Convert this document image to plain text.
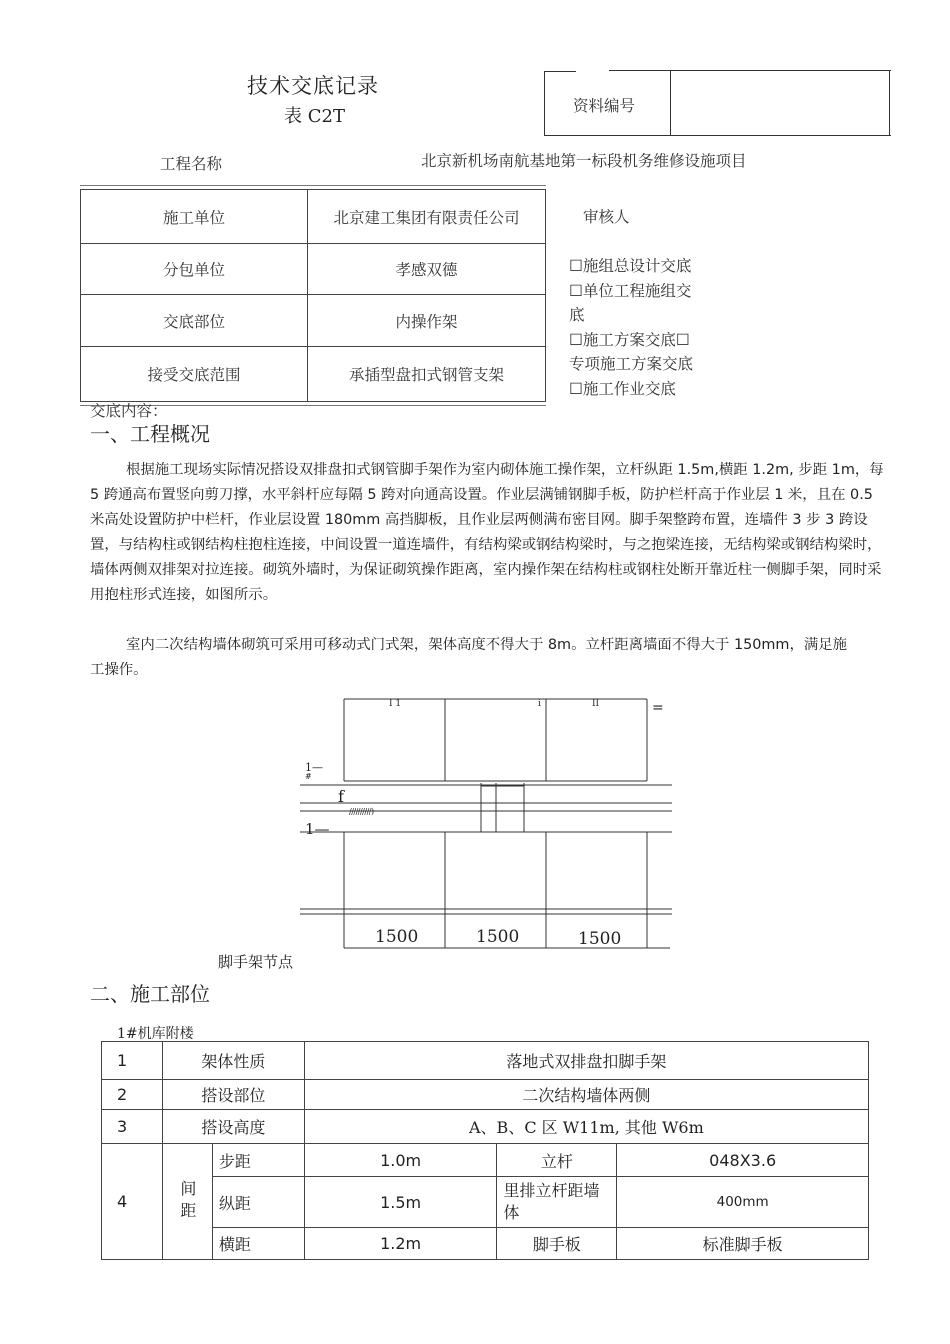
技术交底记录
表 C2T	资料编号
工程名称	北京新机场南航基地第一标段机务维修设施项目
施工单位	北京建工集团有限责任公司
分包单位	孝感双德
交底部位	内操作架
接受交底范围	承插型盘扣式钢管支架
审核人
☐施组总设计交底
☐单位工程施组交
底
☐施工方案交底☐
专项施工方案交底
☐施工作业交底
交底内容：
一、工程概况
根据施工现场实际情况搭设双排盘扣式钢管脚手架作为室内砌体施工操作架，立杆纵距 1.5m,横距 1.2m, 步距 1m，每 5 跨通高布置竖向剪刀撑，水平斜杆应每隔 5 跨对向通高设置。作业层满铺钢脚手板，防护栏杆高于作业层 1 米，且在 0.5 米高处设置防护中栏杆，作业层设置 180mm 高挡脚板，且作业层两侧满布密目网。脚手架整跨布置，连墙件 3 步 3 跨设置，与结构柱或钢结构柱抱柱连接，中间设置一道连墙件，有结构梁或钢结构梁时，与之抱梁连接，无结构梁或钢结构梁时，墙体两侧双排架对拉连接。砌筑外墙时，为保证砌筑操作距离，室内操作架在结构柱或钢柱处断开靠近柱一侧脚手架，同时采用抱柱形式连接，如图所示。
室内二次结构墙体砌筑可采用可移动式门式架，架体高度不得大于 8m。立杆距离墙面不得大于 150mm，满足施工操作。
I 1	i	II	=
1—
#
f
1—
//////////)
1500	1500	1500
脚手架节点
二、施工部位
1#机库附楼
1	架体性质		落地式双排盘扣脚手架		
2	搭设部位		二次结构墙体两侧		
3	搭设高度		A、B、C 区 W11m, 其他 W6m		
4	间距	步距	1.0m	立杆	048X3.6
		纵距	1.5m	里排立杆距墙体	400mm
		横距	1.2m	脚手板	标准脚手板
